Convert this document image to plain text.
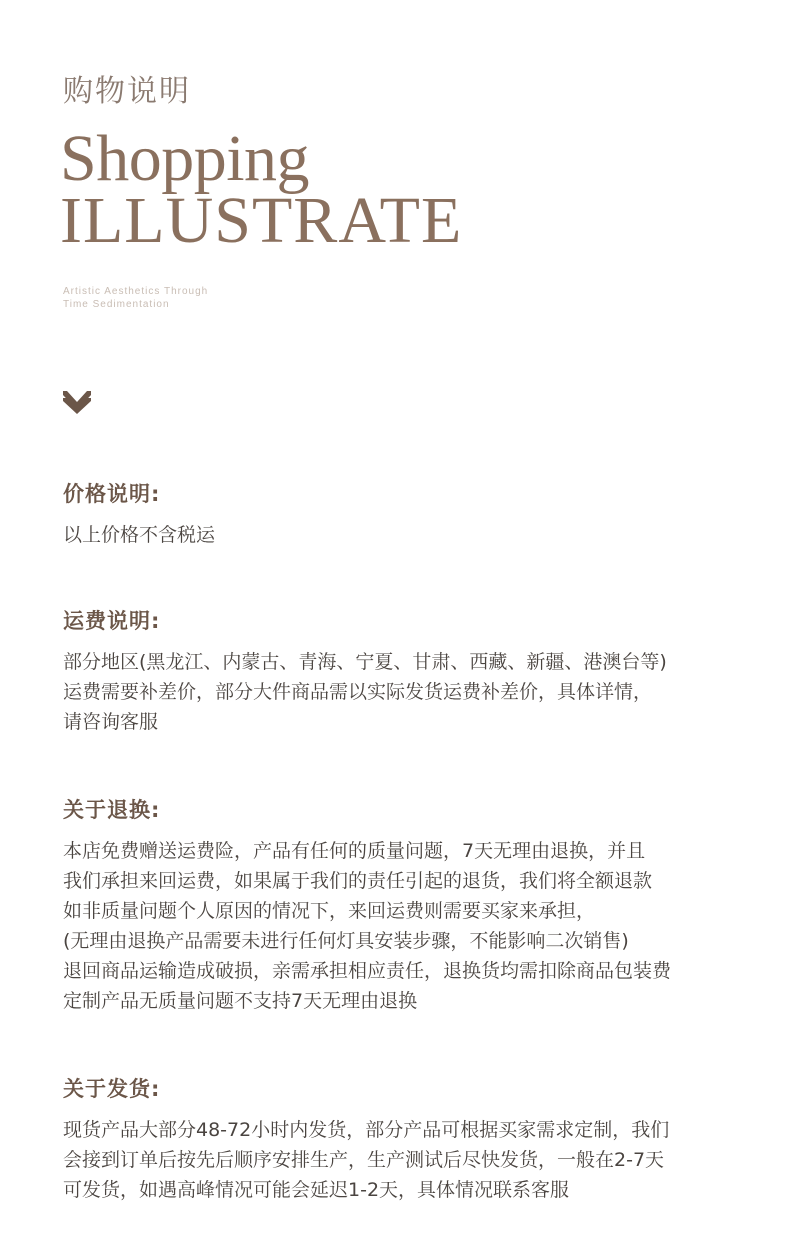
购物说明
Shopping
ILLUSTRATE
Artistic Aesthetics Through
Time Sedimentation
价格说明:

以上价格不含税运

运费说明:

部分地区(黑龙江、内蒙古、青海、宁夏、甘肃、西藏、新疆、港澳台等)

运费需要补差价，部分大件商品需以实际发货运费补差价，具体详情，

请咨询客服

关于退换:

本店免费赠送运费险，产品有任何的质量问题，7天无理由退换，并且

我们承担来回运费，如果属于我们的责任引起的退货，我们将全额退款

如非质量问题个人原因的情况下，来回运费则需要买家来承担，

(无理由退换产品需要未进行任何灯具安装步骤，不能影响二次销售)

退回商品运输造成破损，亲需承担相应责任，退换货均需扣除商品包装费

定制产品无质量问题不支持7天无理由退换

关于发货:

现货产品大部分48-72小时内发货，部分产品可根据买家需求定制，我们

会接到订单后按先后顺序安排生产，生产测试后尽快发货，一般在2-7天

可发货，如遇高峰情况可能会延迟1-2天，具体情况联系客服
